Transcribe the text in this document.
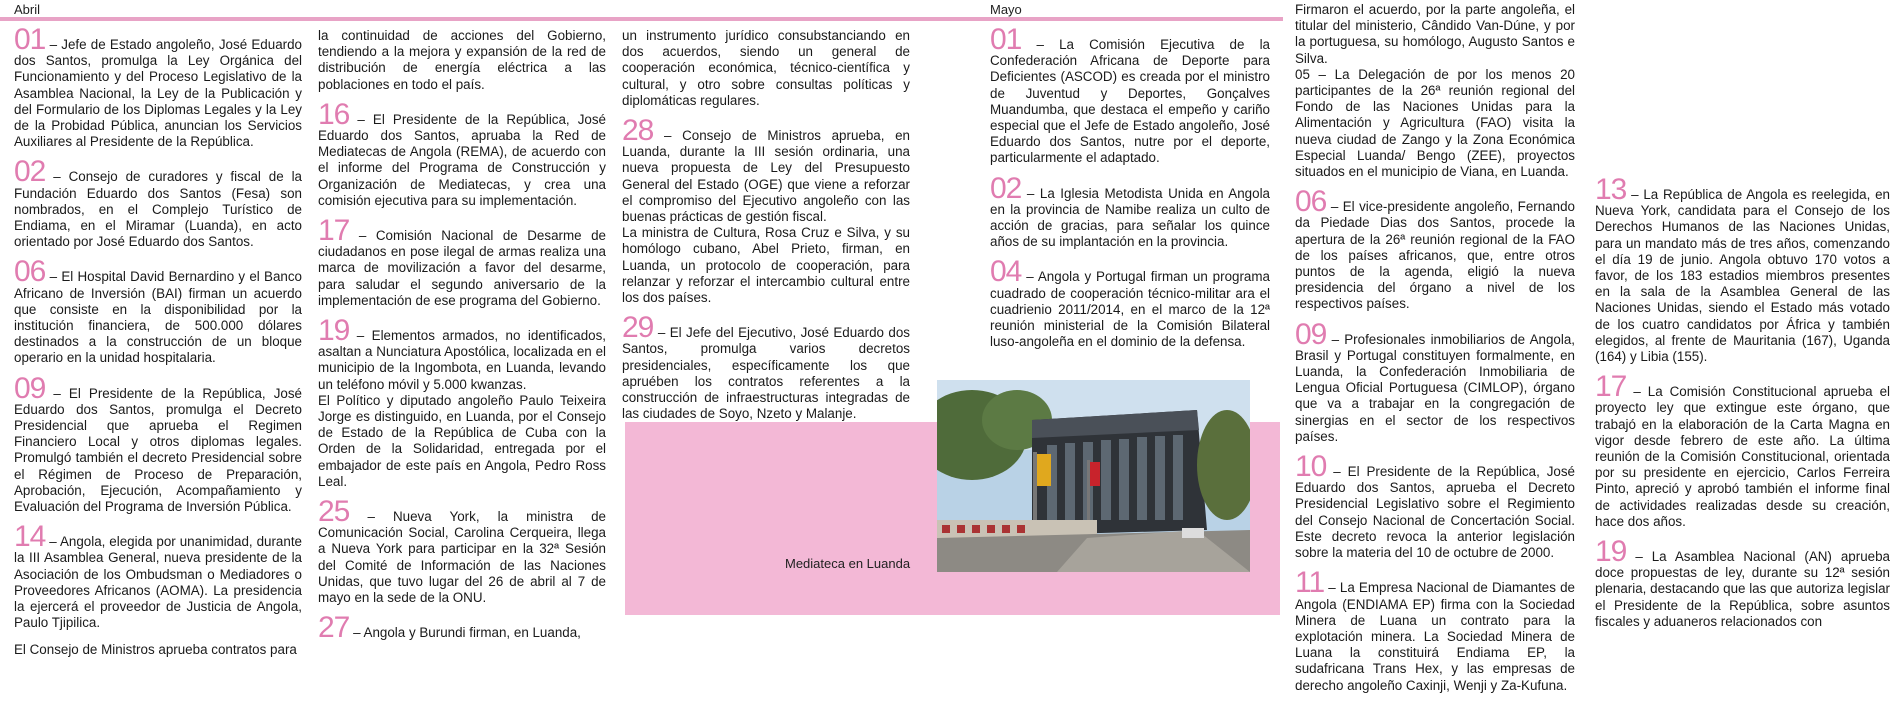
Abril	Mayo
Mediateca en Luanda

01 – Jefe de Estado angoleño, José Eduardo dos Santos, promulga la Ley Orgánica del Funcionamiento y del Proceso Legislativo de la Asamblea Nacional, la Ley de la Publicación y del Formulario de los Diplomas Legales y la Ley de la Probidad Pública, anuncian los Servicios Auxiliares al Presidente de la República.

02 – Consejo de curadores y fiscal de la Fundación Eduardo dos Santos (Fesa) son nombrados, en el Complejo Turístico de Endiama, en el Miramar (Luanda), en acto orientado por José Eduardo dos Santos.

06 – El Hospital David Bernardino y el Banco Africano de Inversión (BAI) firman un acuerdo que consiste en la disponibilidad por la institución financiera, de 500.000 dólares destinados a la construcción de un bloque operario en la unidad hospitalaria.

09 – El Presidente de la República, José Eduardo dos Santos, promulga el Decreto Presidencial que aprueba el Regimen Financiero Local y otros diplomas legales. Promulgó también el decreto Presidencial sobre el Régimen de Proceso de Preparación, Aprobación, Ejecución, Acompañamiento y Evaluación del Programa de Inversión Pública.

14 – Angola, elegida por unanimidad, durante la III Asamblea General, nueva presidente de la Asociación de los Ombudsman o Mediadores o Proveedores Africanos (AOMA). La presidencia la ejercerá el proveedor de Justicia de Angola, Paulo Tjipilica.

El Consejo de Ministros aprueba contratos para

la continuidad de acciones del Gobierno, tendiendo a la mejora y expansión de la red de distribución de energía eléctrica a las poblaciones en todo el país.

16 – El Presidente de la República, José Eduardo dos Santos, apruaba la Red de Mediatecas de Angola (REMA), de acuerdo con el informe del Programa de Construcción y Organización de Mediatecas, y crea una comisión ejecutiva para su implementación.

17 – Comisión Nacional de Desarme de ciudadanos en pose ilegal de armas realiza una marca de movilización a favor del desarme, para saludar el segundo aniversario de la implementación de ese programa del Gobierno.

19 – Elementos armados, no identificados, asaltan a Nunciatura Apostólica, localizada en el municipio de la Ingombota, en Luanda, levando un teléfono móvil y 5.000 kwanzas.
El Político y diputado angoleño Paulo Teixeira Jorge es distinguido, en Luanda, por el Consejo de Estado de la República de Cuba con la Orden de la Solidaridad, entregada por el embajador de este país en Angola, Pedro Ross Leal.

25 – Nueva York, la ministra de Comunicación Social, Carolina Cerqueira, llega a Nueva York para participar en la 32ª Sesión del Comité de Información de las Naciones Unidas, que tuvo lugar del 26 de abril al 7 de mayo en la sede de la ONU.

27 – Angola y Burundi firman, en Luanda,

un instrumento jurídico consubstanciando en dos acuerdos, siendo un general de cooperación económica, técnico-científica y cultural, y otro sobre consultas políticas y diplomáticas regulares.

28 – Consejo de Ministros aprueba, en Luanda, durante la III sesión ordinaria, una nueva propuesta de Ley del Presupuesto General del Estado (OGE) que viene a reforzar el compromiso del Ejecutivo angoleño con las buenas prácticas de gestión fiscal.
La ministra de Cultura, Rosa Cruz e Silva, y su homólogo cubano, Abel Prieto, firman, en Luanda, un protocolo de cooperación, para relanzar y reforzar el intercambio cultural entre los dos países.

29 – El Jefe del Ejecutivo, José Eduardo dos Santos, promulga varios decretos presidenciales, específicamente los que apruében los contratos referentes a la construcción de infraestructuras integradas de las ciudades de Soyo, Nzeto y Malanje.

01 – La Comisión Ejecutiva de la Confederación Africana de Deporte para Deficientes (ASCOD) es creada por el ministro de Juventud y Deportes, Gonçalves Muandumba, que destaca el empeño y cariño especial que el Jefe de Estado angoleño, José Eduardo dos Santos, nutre por el deporte, particularmente el adaptado.

02 – La Iglesia Metodista Unida en Angola en la provincia de Namibe realiza un culto de acción de gracias, para señalar los quince años de su implantación en la provincia.

04 – Angola y Portugal firman un programa cuadrado de cooperación técnico-militar ara el cuadrienio 2011/2014, en el marco de la 12ª reunión ministerial de la Comisión Bilateral luso-angoleña en el dominio de la defensa.

Firmaron el acuerdo, por la parte angoleña, el titular del ministerio, Cândido Van-Dúne, y por la portuguesa, su homólogo, Augusto Santos e Silva.

05 – La Delegación de por los menos 20 participantes de la 26ª reunión regional del Fondo de las Naciones Unidas para la Alimentación y Agricultura (FAO) visita la nueva ciudad de Zango y la Zona Económica Especial Luanda/ Bengo (ZEE), proyectos situados en el municipio de Viana, en Luanda.

06 – El vice-presidente angoleño, Fernando da Piedade Dias dos Santos, procede la apertura de la 26ª reunión regional de la FAO de los países africanos, que, entre otros puntos de la agenda, eligió la nueva presidencia del órgano a nivel de los respectivos países.

09 – Profesionales inmobiliarios de Angola, Brasil y Portugal constituyen formalmente, en Luanda, la Confederación Inmobiliaria de Lengua Oficial Portuguesa (CIMLOP), órgano que va a trabajar en la congregación de sinergias en el sector de los respectivos países.

10 – El Presidente de la República, José Eduardo dos Santos, aprueba el Decreto Presidencial Legislativo sobre el Regimiento del Consejo Nacional de Concertación Social. Este decreto revoca la anterior legislación sobre la materia del 10 de octubre de 2000.

11 – La Empresa Nacional de Diamantes de Angola (ENDIAMA EP) firma con la Sociedad Minera de Luana un contrato para la explotación minera. La Sociedad Minera de Luana la constituirá Endiama EP, la sudafricana Trans Hex, y las empresas de derecho angoleño Caxinji, Wenji y Za-Kufuna.

13 – La República de Angola es reelegida, en Nueva York, candidata para el Consejo de los Derechos Humanos de las Naciones Unidas, para un mandato más de tres años, comenzando el día 19 de junio. Angola obtuvo 170 votos a favor, de los 183 estadios miembros presentes en la sala de la Asamblea General de las Naciones Unidas, siendo el Estado más votado de los cuatro candidatos por África y también elegidos, al frente de Mauritania (167), Uganda (164) y Libia (155).

17 – La Comisión Constitucional aprueba el proyecto ley que extingue este órgano, que trabajó en la elaboración de la Carta Magna en vigor desde febrero de este año. La última reunión de la Comisión Constitucional, orientada por su presidente en ejercicio, Carlos Ferreira Pinto, apreció y aprobó también el informe final de actividades realizadas desde su creación, hace dos años.

19 – La Asamblea Nacional (AN) aprueba doce propuestas de ley, durante su 12ª sesión plenaria, destacando que las que autoriza legislar el Presidente de la República, sobre asuntos fiscales y aduaneros relacionados con
